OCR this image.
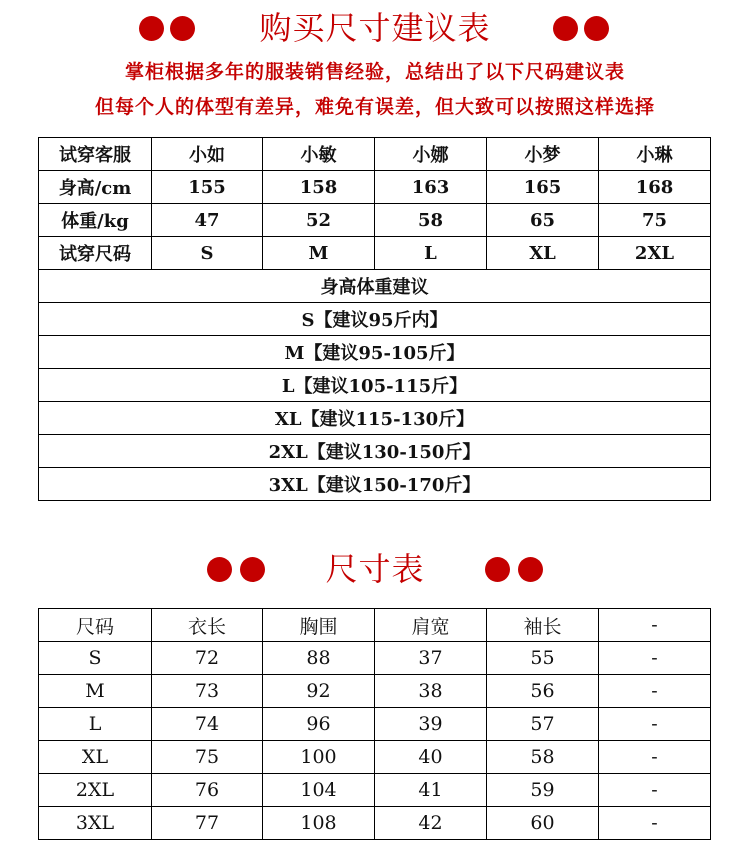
购买尺寸建议表
掌柜根据多年的服装销售经验，总结出了以下尺码建议表
但每个人的体型有差异，难免有误差，但大致可以按照这样选择
试穿客服	小如	小敏	小娜	小梦	小琳
身高/cm	155	158	163	165	168
体重/kg	47	52	58	65	75
试穿尺码	S	M	L	XL	2XL
身高体重建议					
S【建议95斤内】					
M【建议95-105斤】					
L【建议105-115斤】					
XL【建议115-130斤】					
2XL【建议130-150斤】					
3XL【建议150-170斤】					
尺寸表
尺码	衣长	胸围	肩宽	袖长	-
S	72	88	37	55	-
M	73	92	38	56	-
L	74	96	39	57	-
XL	75	100	40	58	-
2XL	76	104	41	59	-
3XL	77	108	42	60	-
